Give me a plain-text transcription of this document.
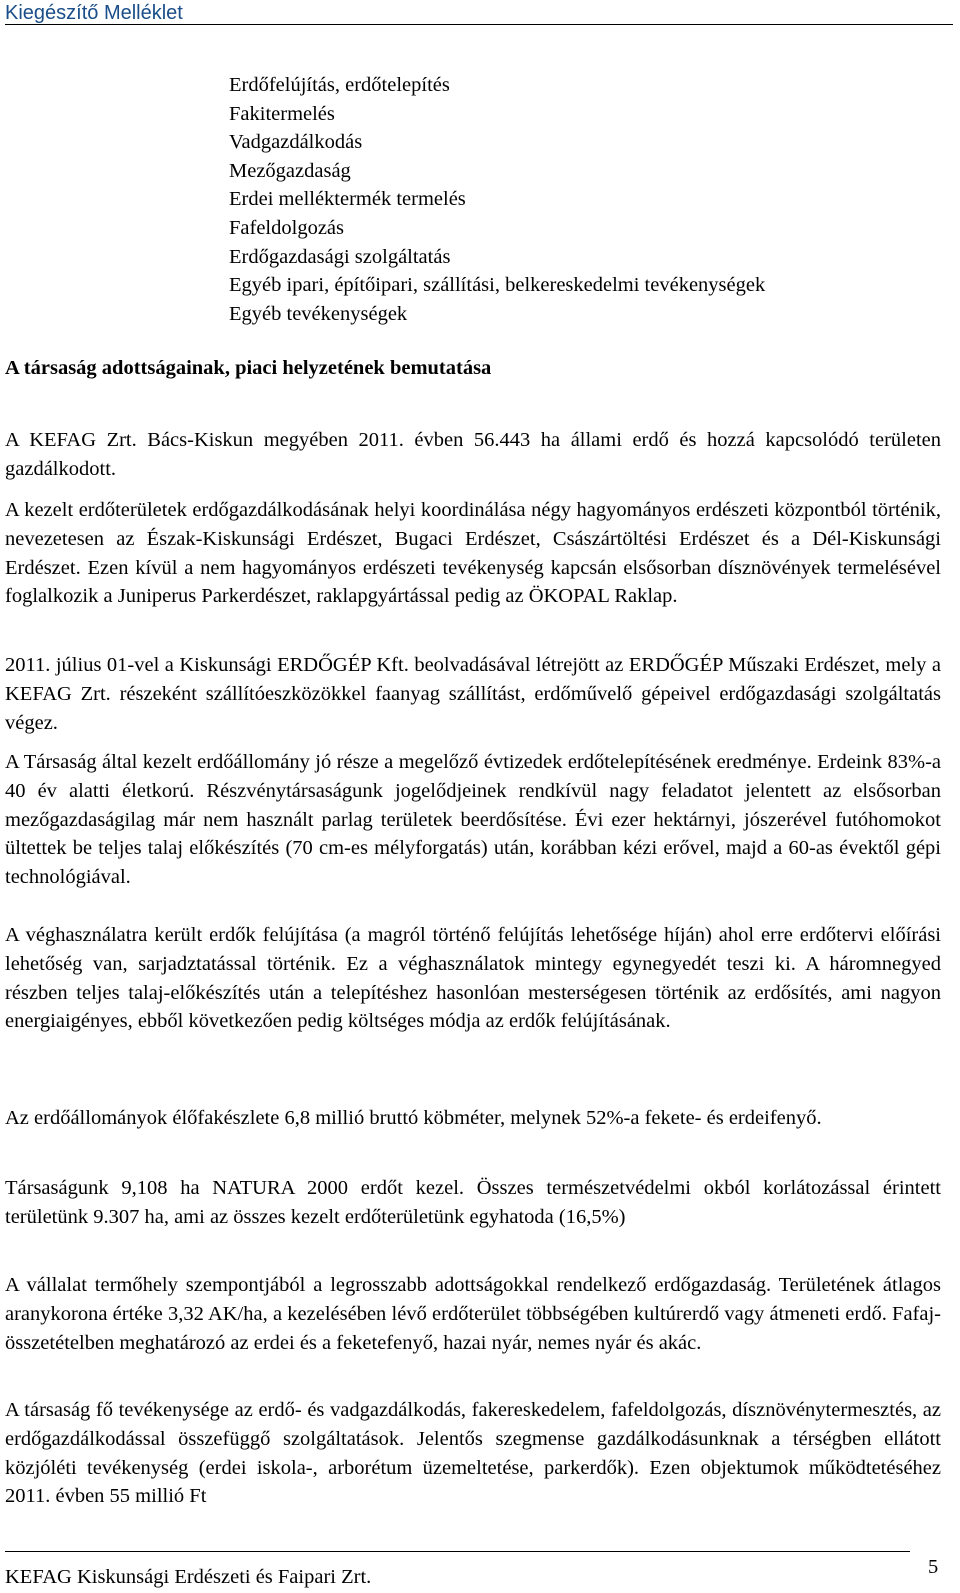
Kiegészítő Melléklet
Erdőfelújítás, erdőtelepítés
Fakitermelés
Vadgazdálkodás
Mezőgazdaság
Erdei melléktermék termelés
Fafeldolgozás
Erdőgazdasági szolgáltatás
Egyéb ipari, építőipari, szállítási, belkereskedelmi tevékenységek
Egyéb tevékenységek
A társaság adottságainak, piaci helyzetének bemutatása

A KEFAG Zrt. Bács-Kiskun megyében 2011. évben 56.443 ha állami erdő és hozzá kapcsolódó területen gazdálkodott.

A kezelt erdőterületek erdőgazdálkodásának helyi koordinálása négy hagyományos erdészeti központból történik, nevezetesen az Észak-Kiskunsági Erdészet, Bugaci Erdészet, Császártöltési Erdészet és a Dél-Kiskunsági Erdészet. Ezen kívül a nem hagyományos erdészeti tevékenység kapcsán elsősorban dísznövények termelésével foglalkozik a Juniperus Parkerdészet, raklapgyártással pedig az ÖKOPAL Raklap.

2011. július 01-vel a Kiskunsági ERDŐGÉP Kft. beolvadásával létrejött az ERDŐGÉP Műszaki Erdészet, mely a KEFAG Zrt. részeként szállítóeszközökkel faanyag szállítást, erdőművelő gépeivel erdőgazdasági szolgáltatás végez.

A Társaság által kezelt erdőállomány jó része a megelőző évtizedek erdőtelepítésének eredménye. Erdeink 83%-a 40 év alatti életkorú. Részvénytársaságunk jogelődjeinek rendkívül nagy feladatot jelentett az elsősorban mezőgazdaságilag már nem használt parlag területek beerdősítése. Évi ezer hektárnyi, jószerével futóhomokot ültettek be teljes talaj előkészítés (70 cm-es mélyforgatás) után, korábban kézi erővel, majd a 60-as évektől gépi technológiával.

A véghasználatra került erdők felújítása (a magról történő felújítás lehetősége híján) ahol erre erdőtervi előírási lehetőség van, sarjadztatással történik. Ez a véghasználatok mintegy egynegyedét teszi ki. A háromnegyed részben teljes talaj-előkészítés után a telepítéshez hasonlóan mesterségesen történik az erdősítés, ami nagyon energiaigényes, ebből következően pedig költséges módja az erdők felújításának.

Az erdőállományok élőfakészlete 6,8 millió bruttó köbméter, melynek 52%-a fekete- és erdeifenyő.

Társaságunk 9,108 ha NATURA 2000 erdőt kezel. Összes természetvédelmi okból korlátozással érintett területünk 9.307 ha, ami az összes kezelt erdőterületünk egyhatoda (16,5%)

A vállalat termőhely szempontjából a legrosszabb adottságokkal rendelkező erdőgazdaság. Területének átlagos aranykorona értéke 3,32 AK/ha, a kezelésében lévő erdőterület többségében kultúrerdő vagy átmeneti erdő. Fafaj-összetételben meghatározó az erdei és a feketefenyő, hazai nyár, nemes nyár és akác.

A társaság fő tevékenysége az erdő- és vadgazdálkodás, fakereskedelem, fafeldolgozás, dísznövénytermesztés, az erdőgazdálkodással összefüggő szolgáltatások. Jelentős szegmense gazdálkodásunknak a térségben ellátott közjóléti tevékenység (erdei iskola-, arborétum üzemeltetése, parkerdők). Ezen objektumok működtetéséhez 2011. évben 55 millió Ft

KEFAG Kiskunsági Erdészeti és Faipari Zrt.	5
